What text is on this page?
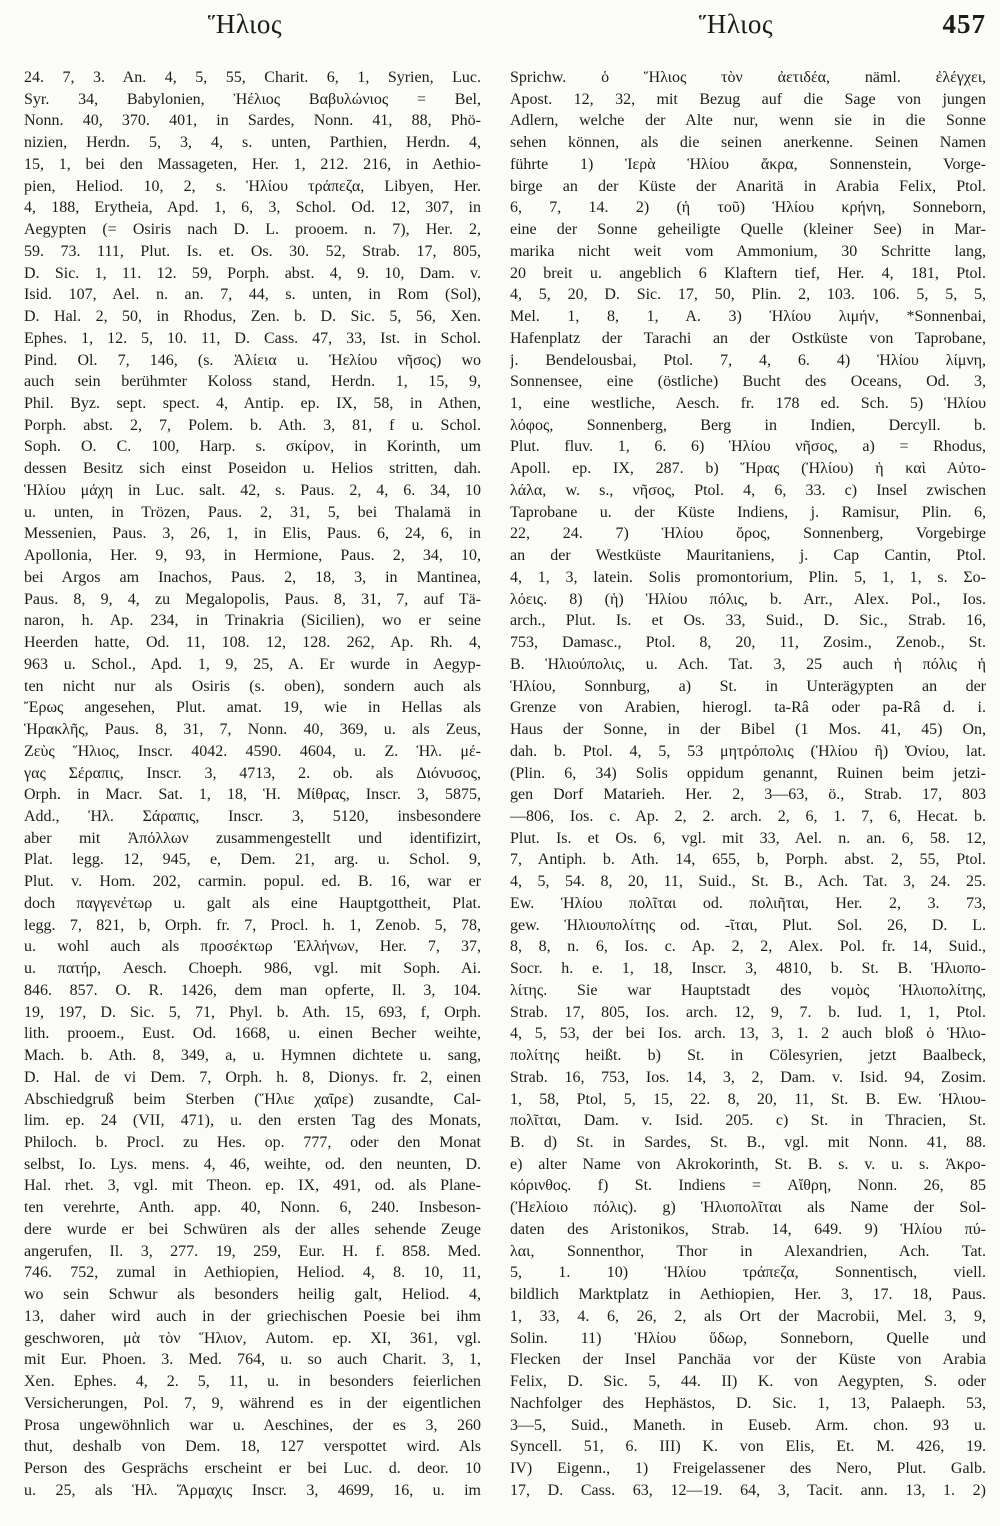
Ἥλιος	Ἥλιος	457
24. 7, 3. An. 4, 5, 55, Charit. 6, 1, Syrien, Luc.
Syr. 34, Babylonien, Ἠέλιος Βαβυλώνιος = Bel,
Nonn. 40, 370. 401, in Sardes, Nonn. 41, 88, Phö-
nizien, Herdn. 5, 3, 4, s. unten, Parthien, Herdn. 4,
15, 1, bei den Massageten, Her. 1, 212. 216, in Aethio-
pien, Heliod. 10, 2, s. Ἡλίου τράπεζα, Libyen, Her.
4, 188, Erytheia, Apd. 1, 6, 3, Schol. Od. 12, 307, in
Aegypten (= Osiris nach D. L. prooem. n. 7), Her. 2,
59. 73. 111, Plut. Is. et. Os. 30. 52, Strab. 17, 805,
D. Sic. 1, 11. 12. 59, Porph. abst. 4, 9. 10, Dam. v.
Isid. 107, Ael. n. an. 7, 44, s. unten, in Rom (Sol),
D. Hal. 2, 50, in Rhodus, Zen. b. D. Sic. 5, 56, Xen.
Ephes. 1, 12. 5, 10. 11, D. Cass. 47, 33, Ist. in Schol.
Pind. Ol. 7, 146, (s. Ἁλίεια u. Ἠελίου νῆσος) wo
auch sein berühmter Koloss stand, Herdn. 1, 15, 9,
Phil. Byz. sept. spect. 4, Antip. ep. IX, 58, in Athen,
Porph. abst. 2, 7, Polem. b. Ath. 3, 81, f u. Schol.
Soph. O. C. 100, Harp. s. σκίρον, in Korinth, um
dessen Besitz sich einst Poseidon u. Helios stritten, dah.
Ἡλίου μάχη in Luc. salt. 42, s. Paus. 2, 4, 6. 34, 10
u. unten, in Trözen, Paus. 2, 31, 5, bei Thalamä in
Messenien, Paus. 3, 26, 1, in Elis, Paus. 6, 24, 6, in
Apollonia, Her. 9, 93, in Hermione, Paus. 2, 34, 10,
bei Argos am Inachos, Paus. 2, 18, 3, in Mantinea,
Paus. 8, 9, 4, zu Megalopolis, Paus. 8, 31, 7, auf Tä-
naron, h. Ap. 234, in Trinakria (Sicilien), wo er seine
Heerden hatte, Od. 11, 108. 12, 128. 262, Ap. Rh. 4,
963 u. Schol., Apd. 1, 9, 25, A. Er wurde in Aegyp-
ten nicht nur als Osiris (s. oben), sondern auch als
Ἔρως angesehen, Plut. amat. 19, wie in Hellas als
Ἡρακλῆς, Paus. 8, 31, 7, Nonn. 40, 369, u. als Zeus,
Ζεὺς Ἥλιος, Inscr. 4042. 4590. 4604, u. Ζ. Ἡλ. μέ-
γας Σέραπις, Inscr. 3, 4713, 2. ob. als Διόνυσος,
Orph. in Macr. Sat. 1, 18, Ἡ. Μίθρας, Inscr. 3, 5875,
Add., Ἡλ. Σάραπις, Inscr. 3, 5120, insbesondere
aber mit Ἀπόλλων zusammengestellt und identifizirt,
Plat. legg. 12, 945, e, Dem. 21, arg. u. Schol. 9,
Plut. v. Hom. 202, carmin. popul. ed. B. 16, war er
doch παγγενέτωρ u. galt als eine Hauptgottheit, Plat.
legg. 7, 821, b, Orph. fr. 7, Procl. h. 1, Zenob. 5, 78,
u. wohl auch als προσέκτωρ Ἑλλήνων, Her. 7, 37,
u. πατήρ, Aesch. Choeph. 986, vgl. mit Soph. Ai.
846. 857. O. R. 1426, dem man opferte, Il. 3, 104.
19, 197, D. Sic. 5, 71, Phyl. b. Ath. 15, 693, f, Orph.
lith. prooem., Eust. Od. 1668, u. einen Becher weihte,
Mach. b. Ath. 8, 349, a, u. Hymnen dichtete u. sang,
D. Hal. de vi Dem. 7, Orph. h. 8, Dionys. fr. 2, einen
Abschiedgruß beim Sterben (Ἥλιε χαῖρε) zusandte, Cal-
lim. ep. 24 (VII, 471), u. den ersten Tag des Monats,
Philoch. b. Procl. zu Hes. op. 777, oder den Monat
selbst, Io. Lys. mens. 4, 46, weihte, od. den neunten, D.
Hal. rhet. 3, vgl. mit Theon. ep. IX, 491, od. als Plane-
ten verehrte, Anth. app. 40, Nonn. 6, 240. Insbeson-
dere wurde er bei Schwüren als der alles sehende Zeuge
angerufen, Il. 3, 277. 19, 259, Eur. H. f. 858. Med.
746. 752, zumal in Aethiopien, Heliod. 4, 8. 10, 11,
wo sein Schwur als besonders heilig galt, Heliod. 4,
13, daher wird auch in der griechischen Poesie bei ihm
geschworen, μὰ τὸν Ἥλιον, Autom. ep. XI, 361, vgl.
mit Eur. Phoen. 3. Med. 764, u. so auch Charit. 3, 1,
Xen. Ephes. 4, 2. 5, 11, u. in besonders feierlichen
Versicherungen, Pol. 7, 9, während es in der eigentlichen
Prosa ungewöhnlich war u. Aeschines, der es 3, 260
thut, deshalb von Dem. 18, 127 verspottet wird. Als
Person des Gesprächs erscheint er bei Luc. d. deor. 10
u. 25, als Ἡλ. Ἅρμαχις Inscr. 3, 4699, 16, u. im
Sprichw. ὁ Ἥλιος τὸν ἀετιδέα, näml. ἐλέγχει,
Apost. 12, 32, mit Bezug auf die Sage von jungen
Adlern, welche der Alte nur, wenn sie in die Sonne
sehen können, als die seinen anerkenne. Seinen Namen
führte 1) Ἱερὰ Ἡλίου ἄκρα, Sonnenstein, Vorge-
birge an der Küste der Anaritä in Arabia Felix, Ptol.
6, 7, 14. 2) (ἡ τοῦ) Ἡλίου κρήνη, Sonneborn,
eine der Sonne geheiligte Quelle (kleiner See) in Mar-
marika nicht weit vom Ammonium, 30 Schritte lang,
20 breit u. angeblich 6 Klaftern tief, Her. 4, 181, Ptol.
4, 5, 20, D. Sic. 17, 50, Plin. 2, 103. 106. 5, 5, 5,
Mel. 1, 8, 1, A. 3) Ἡλίου λιμήν, *Sonnenbai,
Hafenplatz der Tarachi an der Ostküste von Taprobane,
j. Bendelousbai, Ptol. 7, 4, 6. 4) Ἡλίου λίμνη,
Sonnensee, eine (östliche) Bucht des Oceans, Od. 3,
1, eine westliche, Aesch. fr. 178 ed. Sch. 5) Ἡλίου
λόφος, Sonnenberg, Berg in Indien, Dercyll. b.
Plut. fluv. 1, 6. 6) Ἡλίου νῆσος, a) = Rhodus,
Apoll. ep. IX, 287. b) Ἥρας (Ἡλίου) ἡ καὶ Αὐτο-
λάλα, w. s., νῆσος, Ptol. 4, 6, 33. c) Insel zwischen
Taprobane u. der Küste Indiens, j. Ramisur, Plin. 6,
22, 24. 7) Ἡλίου ὄρος, Sonnenberg, Vorgebirge
an der Westküste Mauritaniens, j. Cap Cantin, Ptol.
4, 1, 3, latein. Solis promontorium, Plin. 5, 1, 1, s. Σο-
λόεις. 8) (ἡ) Ἡλίου πόλις, b. Arr., Alex. Pol., Ios.
arch., Plut. Is. et Os. 33, Suid., D. Sic., Strab. 16,
753, Damasc., Ptol. 8, 20, 11, Zosim., Zenob., St.
B. Ἡλιούπολις, u. Ach. Tat. 3, 25 auch ἡ πόλις ἡ
Ἡλίου, Sonnburg, a) St. in Unterägypten an der
Grenze von Arabien, hierogl. ta-Râ oder pa-Râ d. i.
Haus der Sonne, in der Bibel (1 Mos. 41, 45) On,
dah. b. Ptol. 4, 5, 53 μητρόπολις (Ἡλίου ἢ) Ὀνίου, lat.
(Plin. 6, 34) Solis oppidum genannt, Ruinen beim jetzi-
gen Dorf Matarieh. Her. 2, 3—63, ö., Strab. 17, 803
—806, Ios. c. Ap. 2, 2. arch. 2, 6, 1. 7, 6, Hecat. b.
Plut. Is. et Os. 6, vgl. mit 33, Ael. n. an. 6, 58. 12,
7, Antiph. b. Ath. 14, 655, b, Porph. abst. 2, 55, Ptol.
4, 5, 54. 8, 20, 11, Suid., St. B., Ach. Tat. 3, 24. 25.
Ew. Ἡλίου πολῖται od. πολιῆται, Her. 2, 3. 73,
gew. Ἡλιουπολίτης od. -ῖται, Plut. Sol. 26, D. L.
8, 8, n. 6, Ios. c. Ap. 2, 2, Alex. Pol. fr. 14, Suid.,
Socr. h. e. 1, 18, Inscr. 3, 4810, b. St. B. Ἡλιοπο-
λίτης. Sie war Hauptstadt des νομὸς Ἡλιοπολίτης,
Strab. 17, 805, Ios. arch. 12, 9, 7. b. Iud. 1, 1, Ptol.
4, 5, 53, der bei Ios. arch. 13, 3, 1. 2 auch bloß ὁ Ἡλιο-
πολίτης heißt. b) St. in Cölesyrien, jetzt Baalbeck,
Strab. 16, 753, Ios. 14, 3, 2, Dam. v. Isid. 94, Zosim.
1, 58, Ptol, 5, 15, 22. 8, 20, 11, St. B. Ew. Ἡλιου-
πολῖται, Dam. v. Isid. 205. c) St. in Thracien, St.
B. d) St. in Sardes, St. B., vgl. mit Nonn. 41, 88.
e) alter Name von Akrokorinth, St. B. s. v. u. s. Ἀκρο-
κόρινθος. f) St. Indiens = Αἴθρη, Nonn. 26, 85
(Ἠελίοιο πόλις). g) Ἡλιοπολῖται als Name der Sol-
daten des Aristonikos, Strab. 14, 649. 9) Ἡλίου πύ-
λαι, Sonnenthor, Thor in Alexandrien, Ach. Tat.
5, 1. 10) Ἡλίου τράπεζα, Sonnentisch, viell.
bildlich Marktplatz in Aethiopien, Her. 3, 17. 18, Paus.
1, 33, 4. 6, 26, 2, als Ort der Macrobii, Mel. 3, 9,
Solin. 11) Ἡλίου ὕδωρ, Sonneborn, Quelle und
Flecken der Insel Panchäa vor der Küste von Arabia
Felix, D. Sic. 5, 44. II) K. von Aegypten, S. oder
Nachfolger des Hephästos, D. Sic. 1, 13, Palaeph. 53,
3—5, Suid., Maneth. in Euseb. Arm. chon. 93 u.
Syncell. 51, 6. III) K. von Elis, Et. M. 426, 19.
IV) Eigenn., 1) Freigelassener des Nero, Plut. Galb.
17, D. Cass. 63, 12—19. 64, 3, Tacit. ann. 13, 1. 2)
